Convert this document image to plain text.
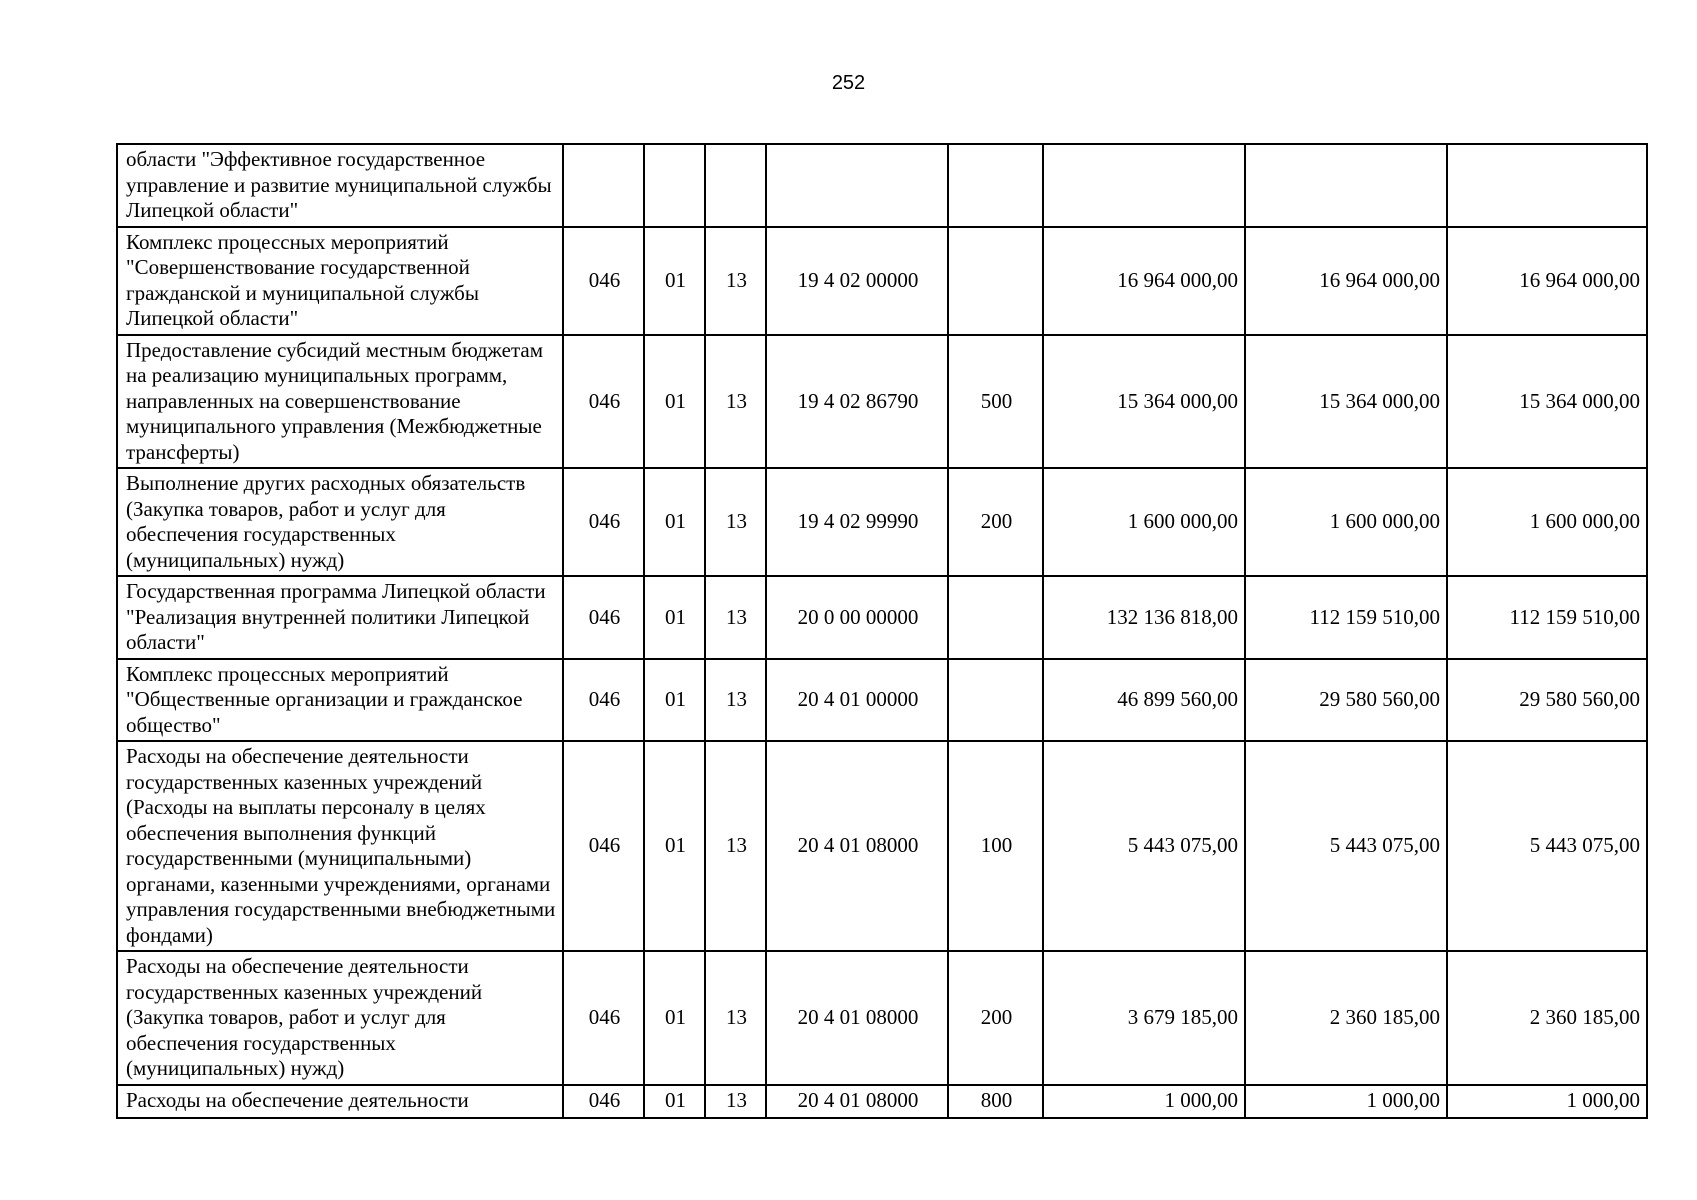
252
области "Эффективное государственное управление и развитие муниципальной службы Липецкой области"								
Комплекс процессных мероприятий "Совершенствование государственной гражданской и муниципальной службы Липецкой области"	046	01	13	19 4 02 00000		16 964 000,00	16 964 000,00	16 964 000,00
Предоставление субсидий местным бюджетам на реализацию муниципальных программ, направленных на совершенствование муниципального управления (Межбюджетные трансферты)	046	01	13	19 4 02 86790	500	15 364 000,00	15 364 000,00	15 364 000,00
Выполнение других расходных обязательств (Закупка товаров, работ и услуг для обеспечения государственных (муниципальных) нужд)	046	01	13	19 4 02 99990	200	1 600 000,00	1 600 000,00	1 600 000,00
Государственная программа Липецкой области "Реализация внутренней политики Липецкой области"	046	01	13	20 0 00 00000		132 136 818,00	112 159 510,00	112 159 510,00
Комплекс процессных мероприятий "Общественные организации и гражданское общество"	046	01	13	20 4 01 00000		46 899 560,00	29 580 560,00	29 580 560,00
Расходы на обеспечение деятельности государственных казенных учреждений (Расходы на выплаты персоналу в целях обеспечения выполнения функций государственными (муниципальными) органами, казенными учреждениями, органами управления государственными внебюджетными фондами)	046	01	13	20 4 01 08000	100	5 443 075,00	5 443 075,00	5 443 075,00
Расходы на обеспечение деятельности государственных казенных учреждений (Закупка товаров, работ и услуг для обеспечения государственных (муниципальных) нужд)	046	01	13	20 4 01 08000	200	3 679 185,00	2 360 185,00	2 360 185,00
Расходы на обеспечение деятельности	046	01	13	20 4 01 08000	800	1 000,00	1 000,00	1 000,00
